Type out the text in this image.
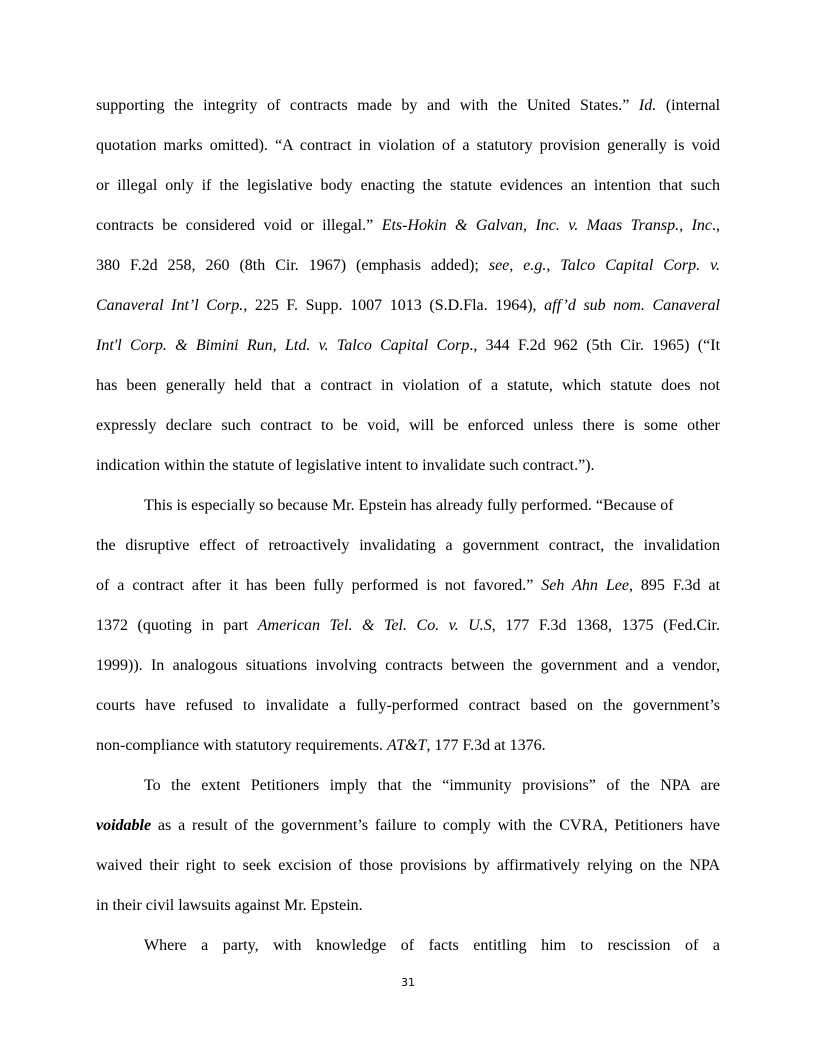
supporting the integrity of contracts made by and with the United States.” Id. (internal
quotation marks omitted). “A contract in violation of a statutory provision generally is void
or illegal only if the legislative body enacting the statute evidences an intention that such
contracts be considered void or illegal.” Ets-Hokin & Galvan, Inc. v. Maas Transp., Inc.,
380 F.2d 258, 260 (8th Cir. 1967) (emphasis added); see, e.g., Talco Capital Corp. v.
Canaveral Int’l Corp., 225 F. Supp. 1007 1013 (S.D.Fla. 1964), aff’d sub nom. Canaveral
Int'l Corp. & Bimini Run, Ltd. v. Talco Capital Corp., 344 F.2d 962 (5th Cir. 1965) (“It
has been generally held that a contract in violation of a statute, which statute does not
expressly declare such contract to be void, will be enforced unless there is some other
indication within the statute of legislative intent to invalidate such contract.”).
This is especially so because Mr. Epstein has already fully performed. “Because of
the disruptive effect of retroactively invalidating a government contract, the invalidation
of a contract after it has been fully performed is not favored.” Seh Ahn Lee, 895 F.3d at
1372 (quoting in part American Tel. & Tel. Co. v. U.S, 177 F.3d 1368, 1375 (Fed.Cir.
1999)). In analogous situations involving contracts between the government and a vendor,
courts have refused to invalidate a fully-performed contract based on the government’s
non-compliance with statutory requirements. AT&T, 177 F.3d at 1376.
To the extent Petitioners imply that the “immunity provisions” of the NPA are
voidable as a result of the government’s failure to comply with the CVRA, Petitioners have
waived their right to seek excision of those provisions by affirmatively relying on the NPA
in their civil lawsuits against Mr. Epstein.
Where a party, with knowledge of facts entitling him to rescission of a
31
